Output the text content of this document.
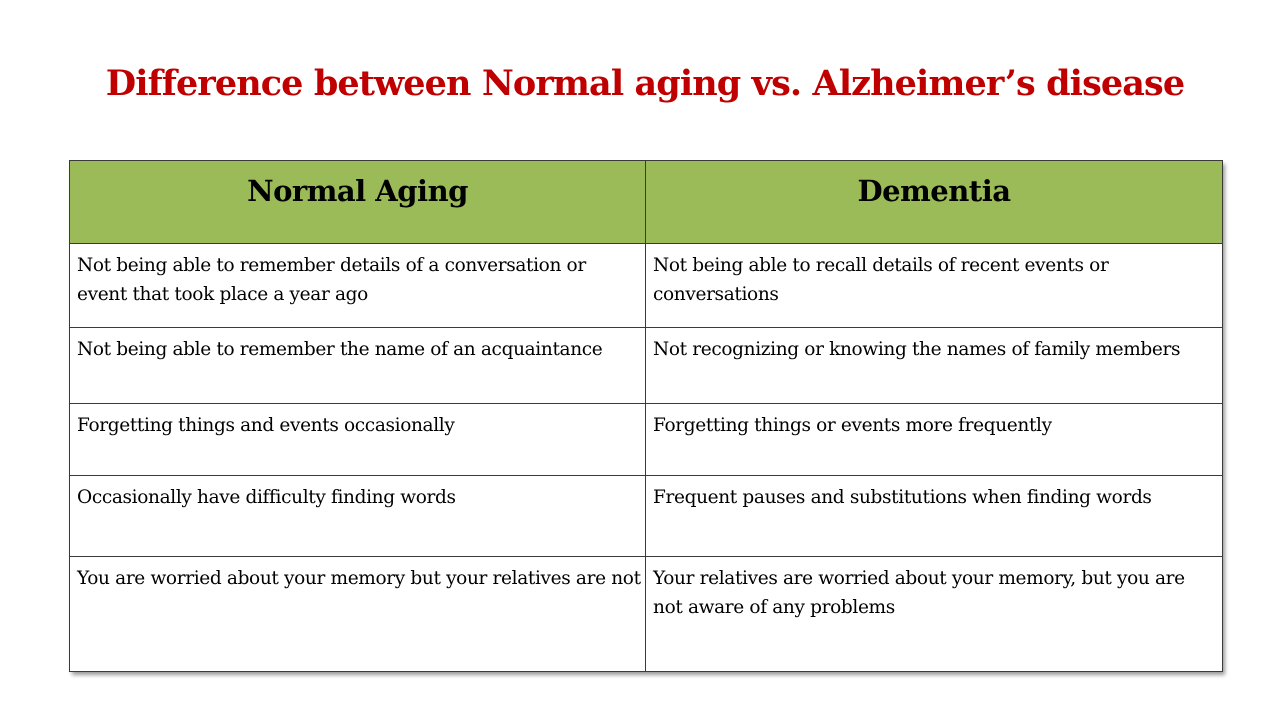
Difference between Normal aging vs. Alzheimer’s disease
Normal Aging	Dementia

Not being able to remember details of a conversation or event that took place a year ago	Not being able to recall details of recent events or conversations

Not being able to remember the name of an acquaintance	Not recognizing or knowing the names of family members

Forgetting things and events occasionally	Forgetting things or events more frequently

Occasionally have difficulty finding words	Frequent pauses and substitutions when finding words

You are worried about your memory but your relatives are not	Your relatives are worried about your memory, but you are not aware of any problems
